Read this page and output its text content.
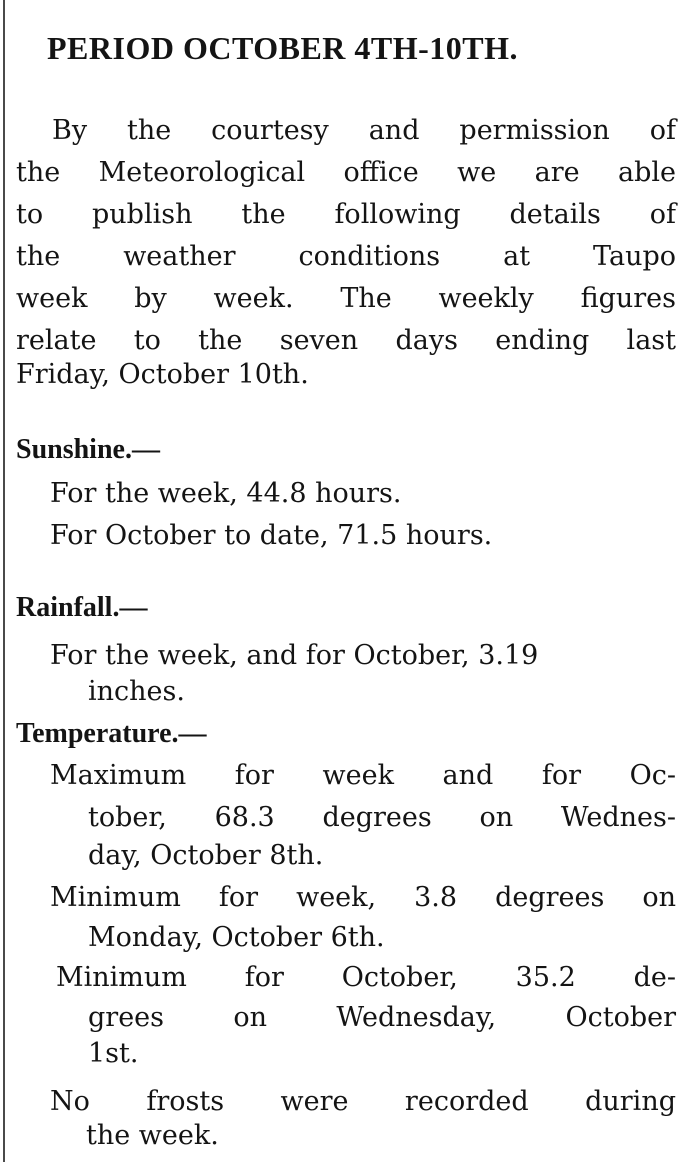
PERIOD OCTOBER 4TH-10TH.
By the courtesy and permission of
the Meteorological office we are able
to publish the following details of
the weather conditions at Taupo
week by week. The weekly figures
relate to the seven days ending last
Friday, October 10th.
Sunshine.—
For the week, 44.8 hours.
For October to date, 71.5 hours.
Rainfall.—
For the week, and for October, 3.19
inches.
Temperature.—
Maximum for week and for Oc-
tober, 68.3 degrees on Wednes-
day, October 8th.
Minimum for week, 3.8 degrees on
Monday, October 6th.
Minimum for October, 35.2 de-
grees on Wednesday, October
1st.
No frosts were recorded during
the week.
